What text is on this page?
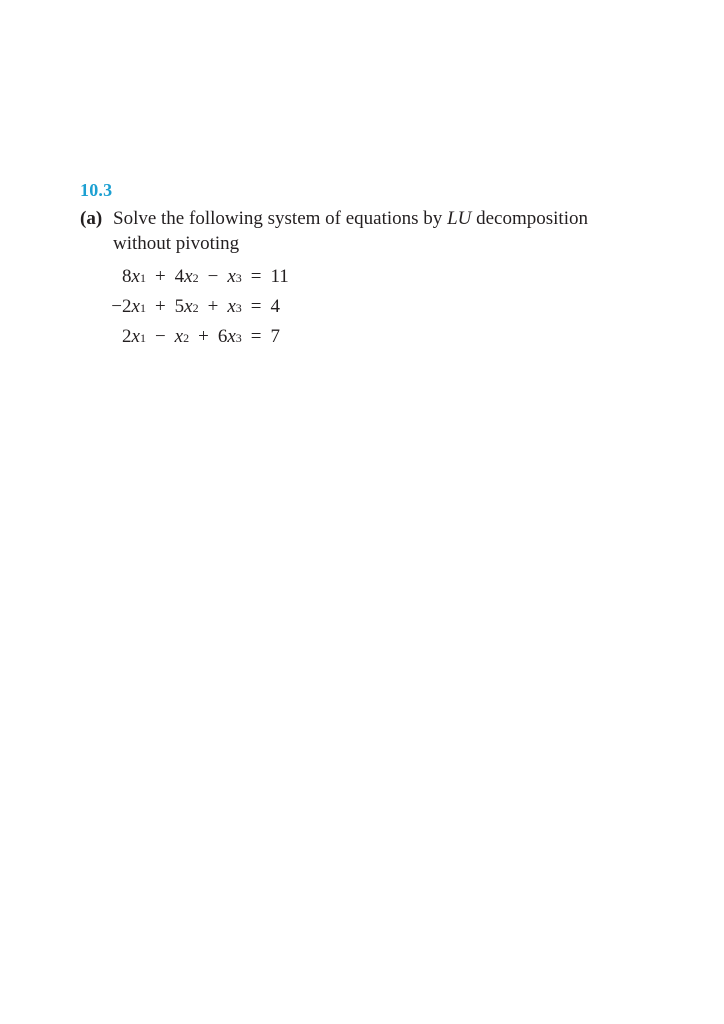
10.3
(a) Solve the following system of equations by LU decomposition
without pivoting
8 x 1 + 4 x 2 − x 3 = 11
− 2 x 1 + 5 x 2 + x 3 = 4
2 x 1 − x 2 + 6 x 3 = 7
